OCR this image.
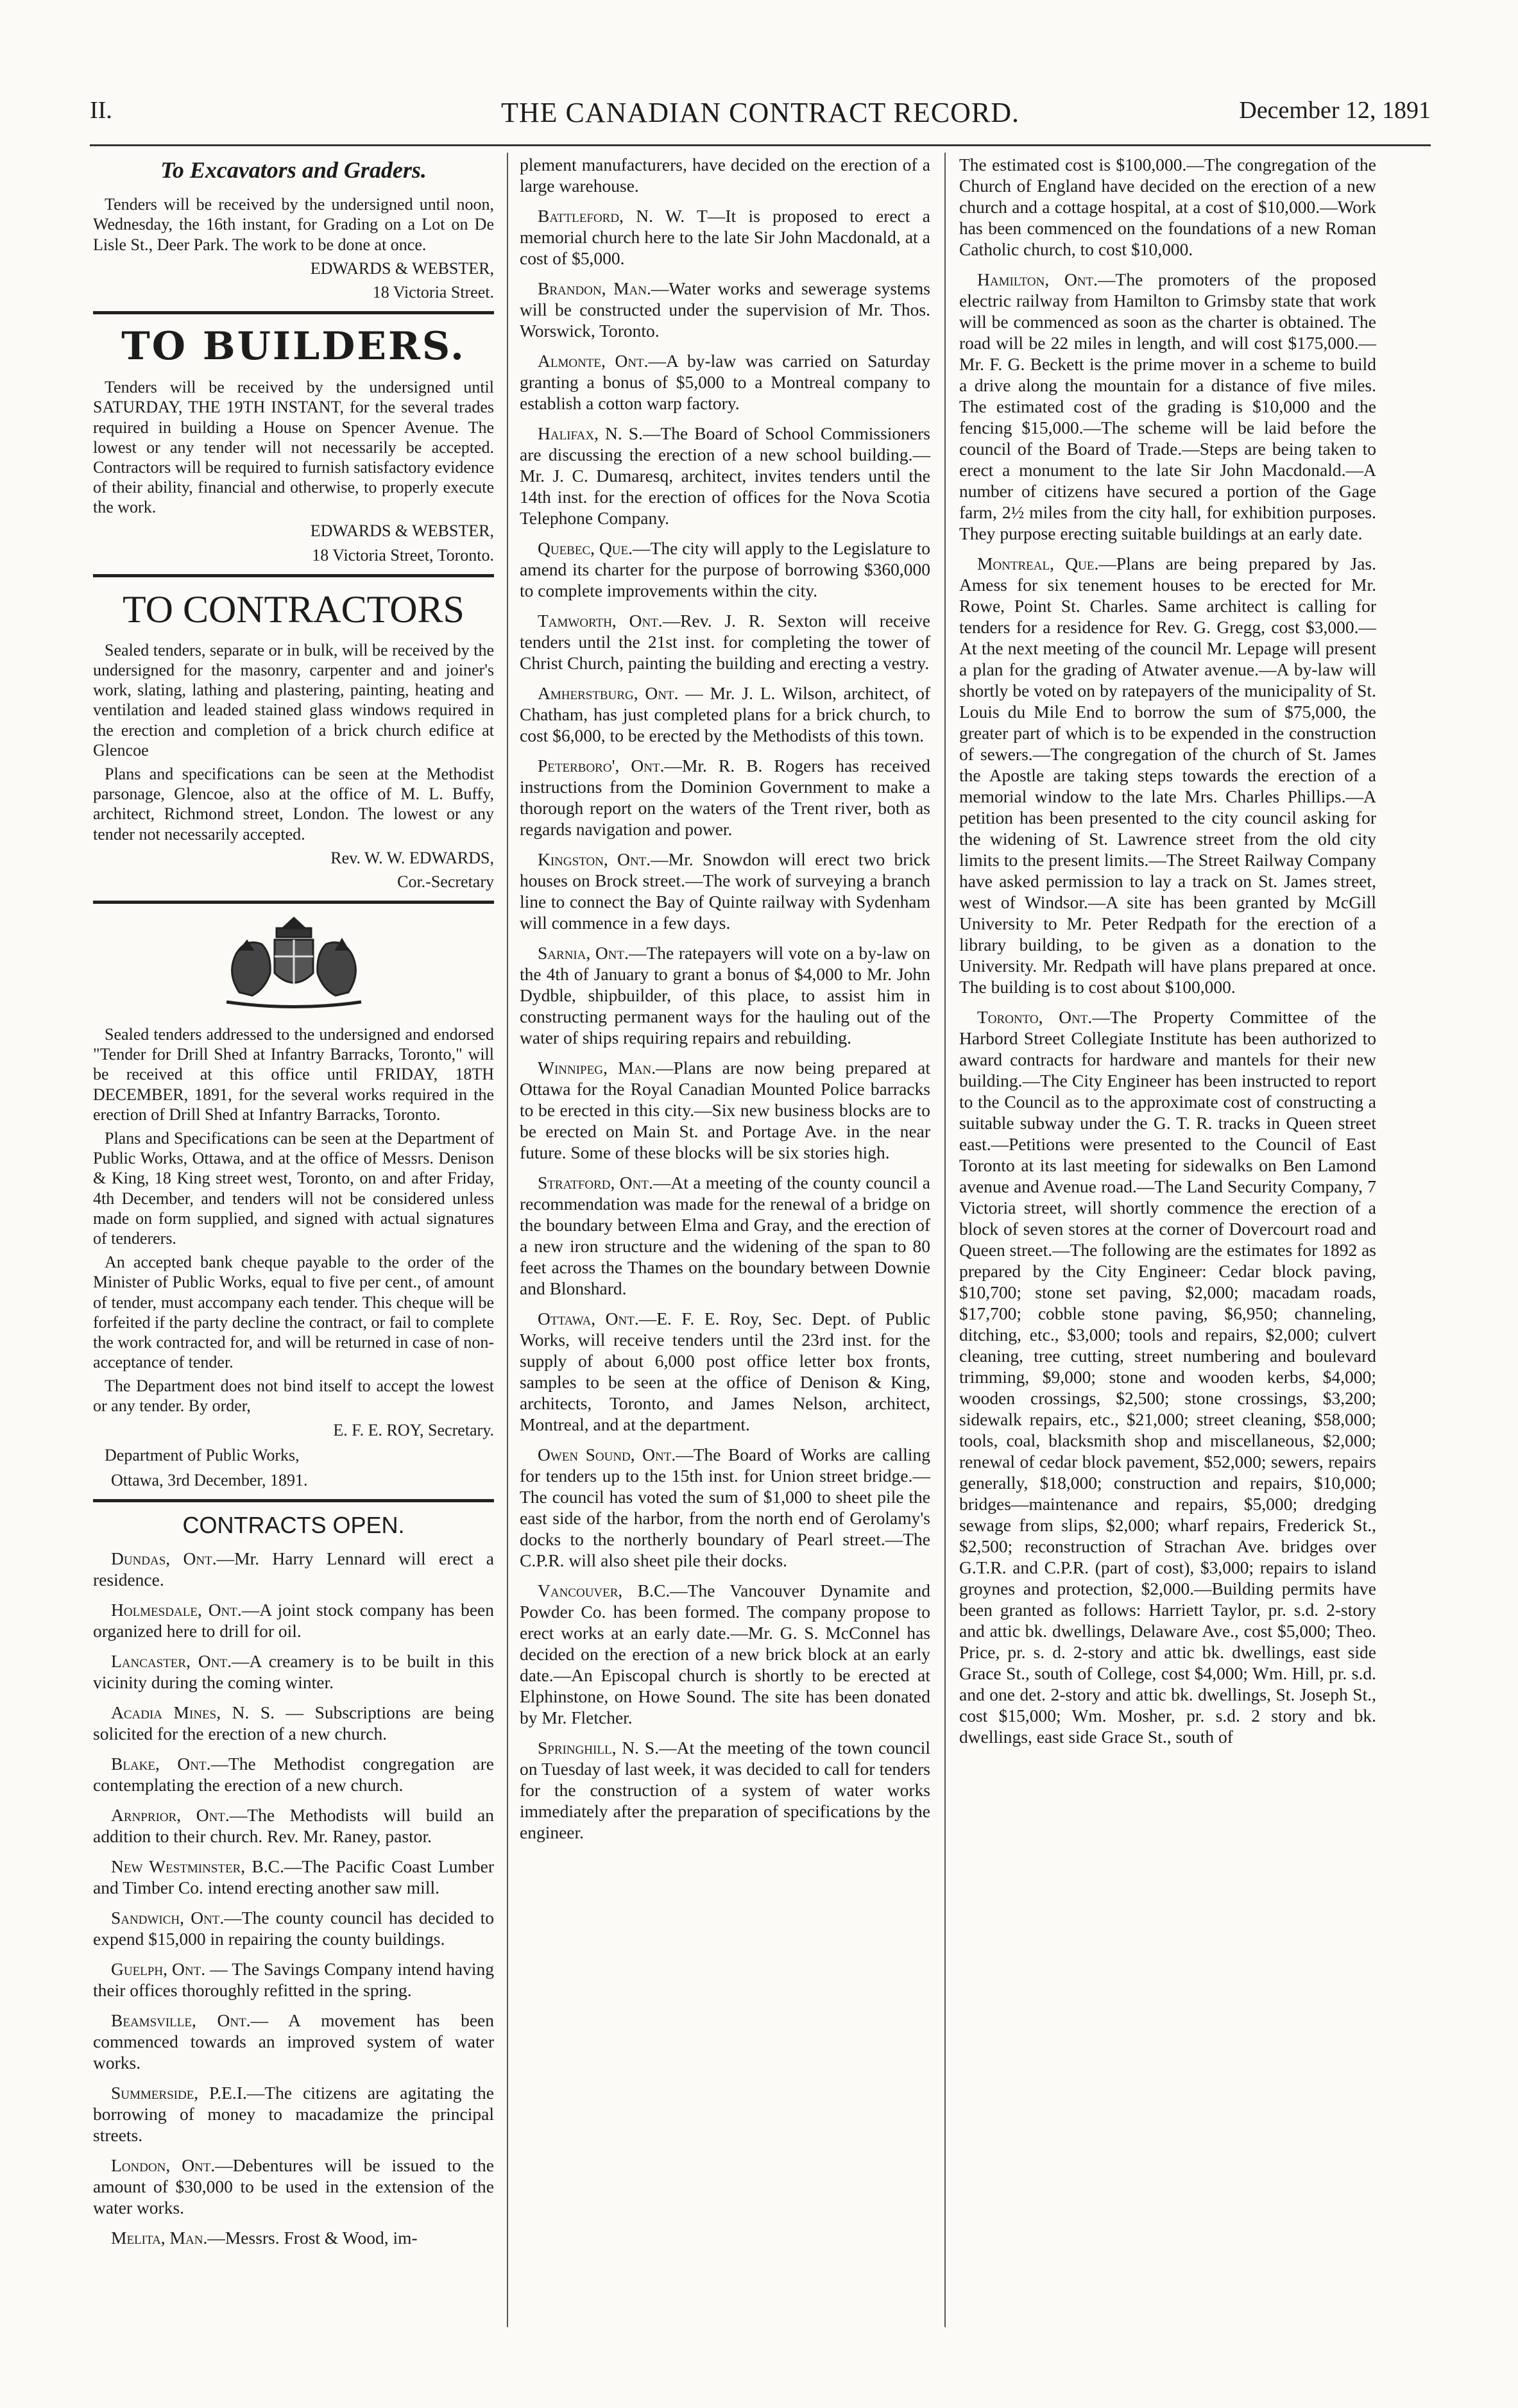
II.	THE CANADIAN CONTRACT RECORD.	December 12, 1891
To Excavators and Graders.

Tenders will be received by the undersigned until noon, Wednesday, the 16th instant, for Grading on a Lot on De Lisle St., Deer Park. The work to be done at once.

EDWARDS & WEBSTER,

18 Victoria Street.

TO BUILDERS.

Tenders will be received by the undersigned until SATURDAY, THE 19TH INSTANT, for the several trades required in building a House on Spencer Avenue. The lowest or any tender will not necessarily be accepted. Contractors will be required to furnish satisfactory evidence of their ability, financial and otherwise, to properly execute the work.

EDWARDS & WEBSTER,

18 Victoria Street, Toronto.

TO CONTRACTORS

Sealed tenders, separate or in bulk, will be received by the undersigned for the masonry, carpenter and and joiner's work, slating, lathing and plastering, painting, heating and ventilation and leaded stained glass windows required in the erection and completion of a brick church edifice at Glencoe

Plans and specifications can be seen at the Methodist parsonage, Glencoe, also at the office of M. L. Buffy, architect, Richmond street, London. The lowest or any tender not necessarily accepted.

Rev. W. W. EDWARDS,

Cor.-Secretary

Sealed tenders addressed to the undersigned and endorsed "Tender for Drill Shed at Infantry Barracks, Toronto," will be received at this office until FRIDAY, 18TH DECEMBER, 1891, for the several works required in the erection of Drill Shed at Infantry Barracks, Toronto.

Plans and Specifications can be seen at the Department of Public Works, Ottawa, and at the office of Messrs. Denison & King, 18 King street west, Toronto, on and after Friday, 4th December, and tenders will not be considered unless made on form supplied, and signed with actual signatures of tenderers.

An accepted bank cheque payable to the order of the Minister of Public Works, equal to five per cent., of amount of tender, must accompany each tender. This cheque will be forfeited if the party decline the contract, or fail to complete the work contracted for, and will be returned in case of non-acceptance of tender.

The Department does not bind itself to accept the lowest or any tender. By order,

E. F. E. ROY, Secretary.

Department of Public Works,

Ottawa, 3rd December, 1891.

CONTRACTS OPEN.

Dundas, Ont.—Mr. Harry Lennard will erect a residence.

Holmesdale, Ont.—A joint stock company has been organized here to drill for oil.

Lancaster, Ont.—A creamery is to be built in this vicinity during the coming winter.

Acadia Mines, N. S. — Subscriptions are being solicited for the erection of a new church.

Blake, Ont.—The Methodist congregation are contemplating the erection of a new church.

Arnprior, Ont.—The Methodists will build an addition to their church. Rev. Mr. Raney, pastor.

New Westminster, B.C.—The Pacific Coast Lumber and Timber Co. intend erecting another saw mill.

Sandwich, Ont.—The county council has decided to expend $15,000 in repairing the county buildings.

Guelph, Ont. — The Savings Company intend having their offices thoroughly refitted in the spring.

Beamsville, Ont.— A movement has been commenced towards an improved system of water works.

Summerside, P.E.I.—The citizens are agitating the borrowing of money to macadamize the principal streets.

London, Ont.—Debentures will be issued to the amount of $30,000 to be used in the extension of the water works.

Melita, Man.—Messrs. Frost & Wood, im-

plement manufacturers, have decided on the erection of a large warehouse.

Battleford, N. W. T—It is proposed to erect a memorial church here to the late Sir John Macdonald, at a cost of $5,000.

Brandon, Man.—Water works and sewerage systems will be constructed under the supervision of Mr. Thos. Worswick, Toronto.

Almonte, Ont.—A by-law was carried on Saturday granting a bonus of $5,000 to a Montreal company to establish a cotton warp factory.

Halifax, N. S.—The Board of School Commissioners are discussing the erection of a new school building.—Mr. J. C. Dumaresq, architect, invites tenders until the 14th inst. for the erection of offices for the Nova Scotia Telephone Company.

Quebec, Que.—The city will apply to the Legislature to amend its charter for the purpose of borrowing $360,000 to complete improvements within the city.

Tamworth, Ont.—Rev. J. R. Sexton will receive tenders until the 21st inst. for completing the tower of Christ Church, painting the building and erecting a vestry.

Amherstburg, Ont. — Mr. J. L. Wilson, architect, of Chatham, has just completed plans for a brick church, to cost $6,000, to be erected by the Methodists of this town.

Peterboro', Ont.—Mr. R. B. Rogers has received instructions from the Dominion Government to make a thorough report on the waters of the Trent river, both as regards navigation and power.

Kingston, Ont.—Mr. Snowdon will erect two brick houses on Brock street.—The work of surveying a branch line to connect the Bay of Quinte railway with Sydenham will commence in a few days.

Sarnia, Ont.—The ratepayers will vote on a by-law on the 4th of January to grant a bonus of $4,000 to Mr. John Dydble, shipbuilder, of this place, to assist him in constructing permanent ways for the hauling out of the water of ships requiring repairs and rebuilding.

Winnipeg, Man.—Plans are now being prepared at Ottawa for the Royal Canadian Mounted Police barracks to be erected in this city.—Six new business blocks are to be erected on Main St. and Portage Ave. in the near future. Some of these blocks will be six stories high.

Stratford, Ont.—At a meeting of the county council a recommendation was made for the renewal of a bridge on the boundary between Elma and Gray, and the erection of a new iron structure and the widening of the span to 80 feet across the Thames on the boundary between Downie and Blonshard.

Ottawa, Ont.—E. F. E. Roy, Sec. Dept. of Public Works, will receive tenders until the 23rd inst. for the supply of about 6,000 post office letter box fronts, samples to be seen at the office of Denison & King, architects, Toronto, and James Nelson, architect, Montreal, and at the department.

Owen Sound, Ont.—The Board of Works are calling for tenders up to the 15th inst. for Union street bridge.—The council has voted the sum of $1,000 to sheet pile the east side of the harbor, from the north end of Gerolamy's docks to the northerly boundary of Pearl street.—The C.P.R. will also sheet pile their docks.

Vancouver, B.C.—The Vancouver Dynamite and Powder Co. has been formed. The company propose to erect works at an early date.—Mr. G. S. McConnel has decided on the erection of a new brick block at an early date.—An Episcopal church is shortly to be erected at Elphinstone, on Howe Sound. The site has been donated by Mr. Fletcher.

Springhill, N. S.—At the meeting of the town council on Tuesday of last week, it was decided to call for tenders for the construction of a system of water works immediately after the preparation of specifications by the engineer.

The estimated cost is $100,000.—The congregation of the Church of England have decided on the erection of a new church and a cottage hospital, at a cost of $10,000.—Work has been commenced on the foundations of a new Roman Catholic church, to cost $10,000.

Hamilton, Ont.—The promoters of the proposed electric railway from Hamilton to Grimsby state that work will be commenced as soon as the charter is obtained. The road will be 22 miles in length, and will cost $175,000.—Mr. F. G. Beckett is the prime mover in a scheme to build a drive along the mountain for a distance of five miles. The estimated cost of the grading is $10,000 and the fencing $15,000.—The scheme will be laid before the council of the Board of Trade.—Steps are being taken to erect a monument to the late Sir John Macdonald.—A number of citizens have secured a portion of the Gage farm, 2½ miles from the city hall, for exhibition purposes. They purpose erecting suitable buildings at an early date.

Montreal, Que.—Plans are being prepared by Jas. Amess for six tenement houses to be erected for Mr. Rowe, Point St. Charles. Same architect is calling for tenders for a residence for Rev. G. Gregg, cost $3,000.—At the next meeting of the council Mr. Lepage will present a plan for the grading of Atwater avenue.—A by-law will shortly be voted on by ratepayers of the municipality of St. Louis du Mile End to borrow the sum of $75,000, the greater part of which is to be expended in the construction of sewers.—The congregation of the church of St. James the Apostle are taking steps towards the erection of a memorial window to the late Mrs. Charles Phillips.—A petition has been presented to the city council asking for the widening of St. Lawrence street from the old city limits to the present limits.—The Street Railway Company have asked permission to lay a track on St. James street, west of Windsor.—A site has been granted by McGill University to Mr. Peter Redpath for the erection of a library building, to be given as a donation to the University. Mr. Redpath will have plans prepared at once. The building is to cost about $100,000.

Toronto, Ont.—The Property Committee of the Harbord Street Collegiate Institute has been authorized to award contracts for hardware and mantels for their new building.—The City Engineer has been instructed to report to the Council as to the approximate cost of constructing a suitable subway under the G. T. R. tracks in Queen street east.—Petitions were presented to the Council of East Toronto at its last meeting for sidewalks on Ben Lamond avenue and Avenue road.—The Land Security Company, 7 Victoria street, will shortly commence the erection of a block of seven stores at the corner of Dovercourt road and Queen street.—The following are the estimates for 1892 as prepared by the City Engineer: Cedar block paving, $10,700; stone set paving, $2,000; macadam roads, $17,700; cobble stone paving, $6,950; channeling, ditching, etc., $3,000; tools and repairs, $2,000; culvert cleaning, tree cutting, street numbering and boulevard trimming, $9,000; stone and wooden kerbs, $4,000; wooden crossings, $2,500; stone crossings, $3,200; sidewalk repairs, etc., $21,000; street cleaning, $58,000; tools, coal, blacksmith shop and miscellaneous, $2,000; renewal of cedar block pavement, $52,000; sewers, repairs generally, $18,000; construction and repairs, $10,000; bridges—maintenance and repairs, $5,000; dredging sewage from slips, $2,000; wharf repairs, Frederick St., $2,500; reconstruction of Strachan Ave. bridges over G.T.R. and C.P.R. (part of cost), $3,000; repairs to island groynes and protection, $2,000.—Building permits have been granted as follows: Harriett Taylor, pr. s.d. 2-story and attic bk. dwellings, Delaware Ave., cost $5,000; Theo. Price, pr. s. d. 2-story and attic bk. dwellings, east side Grace St., south of College, cost $4,000; Wm. Hill, pr. s.d. and one det. 2-story and attic bk. dwellings, St. Joseph St., cost $15,000; Wm. Mosher, pr. s.d. 2 story and bk. dwellings, east side Grace St., south of
